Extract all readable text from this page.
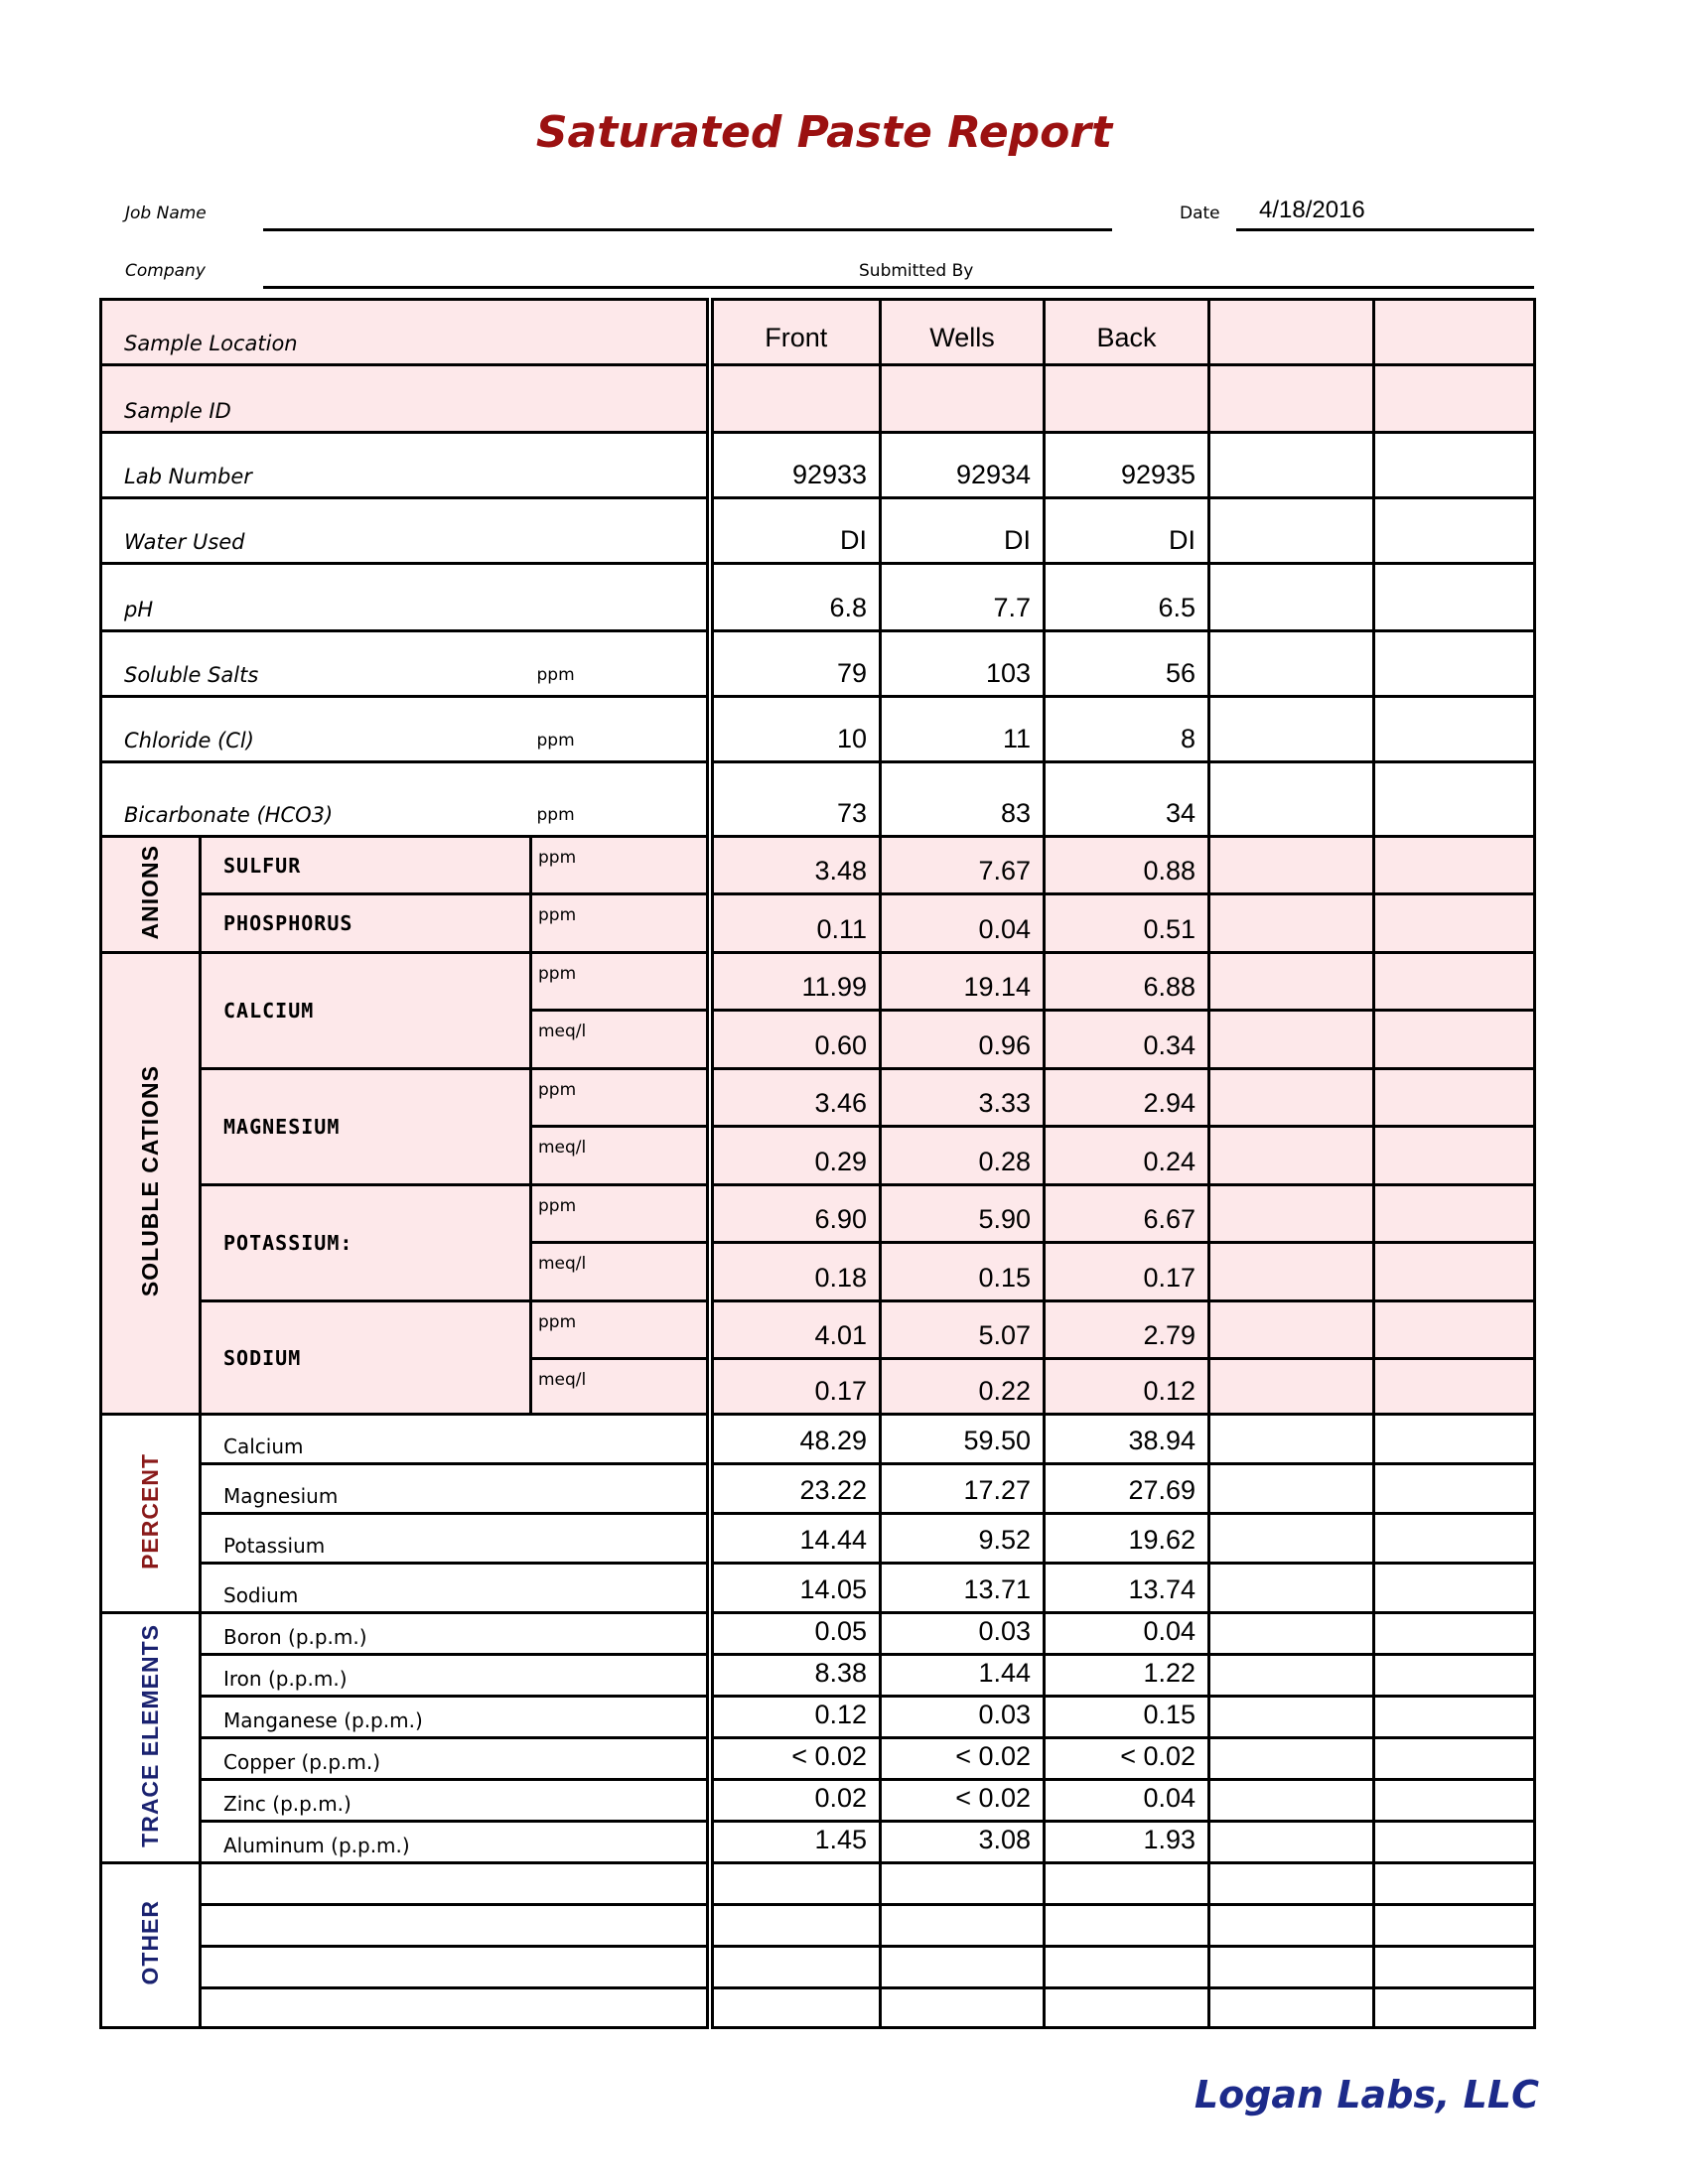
Saturated Paste Report
Job Name	Date 4/18/2016
Company	Submitted By
Sample Location			Front	Wells	Back		
Sample ID							
Lab Number			92933	92934	92935		
Water Used			DI	DI	DI		
pH			6.8	7.7	6.5		
Soluble Salts		ppm	79	103	56		
Chloride (Cl)		ppm	10	11	8		
Bicarbonate (HCO3)		ppm	73	83	34		
ANIONS	SULFUR	ppm	3.48	7.67	0.88		
	PHOSPHORUS	ppm	0.11	0.04	0.51		
SOLUBLE CATIONS	CALCIUM	ppm	11.99	19.14	6.88		
		meq/l	0.60	0.96	0.34		
	MAGNESIUM	ppm	3.46	3.33	2.94		
		meq/l	0.29	0.28	0.24		
	POTASSIUM:	ppm	6.90	5.90	6.67		
		meq/l	0.18	0.15	0.17		
	SODIUM	ppm	4.01	5.07	2.79		
		meq/l	0.17	0.22	0.12		
PERCENT	Calcium		48.29	59.50	38.94		
	Magnesium		23.22	17.27	27.69		
	Potassium		14.44	9.52	19.62		
	Sodium		14.05	13.71	13.74		
TRACE ELEMENTS	Boron (p.p.m.)		0.05	0.03	0.04		
	Iron (p.p.m.)		8.38	1.44	1.22		
	Manganese (p.p.m.)		0.12	0.03	0.15		
	Copper (p.p.m.)		< 0.02	< 0.02	< 0.02		
	Zinc (p.p.m.)		0.02	< 0.02	0.04		
	Aluminum (p.p.m.)		1.45	3.08	1.93		
OTHER							

Logan Labs, LLC
